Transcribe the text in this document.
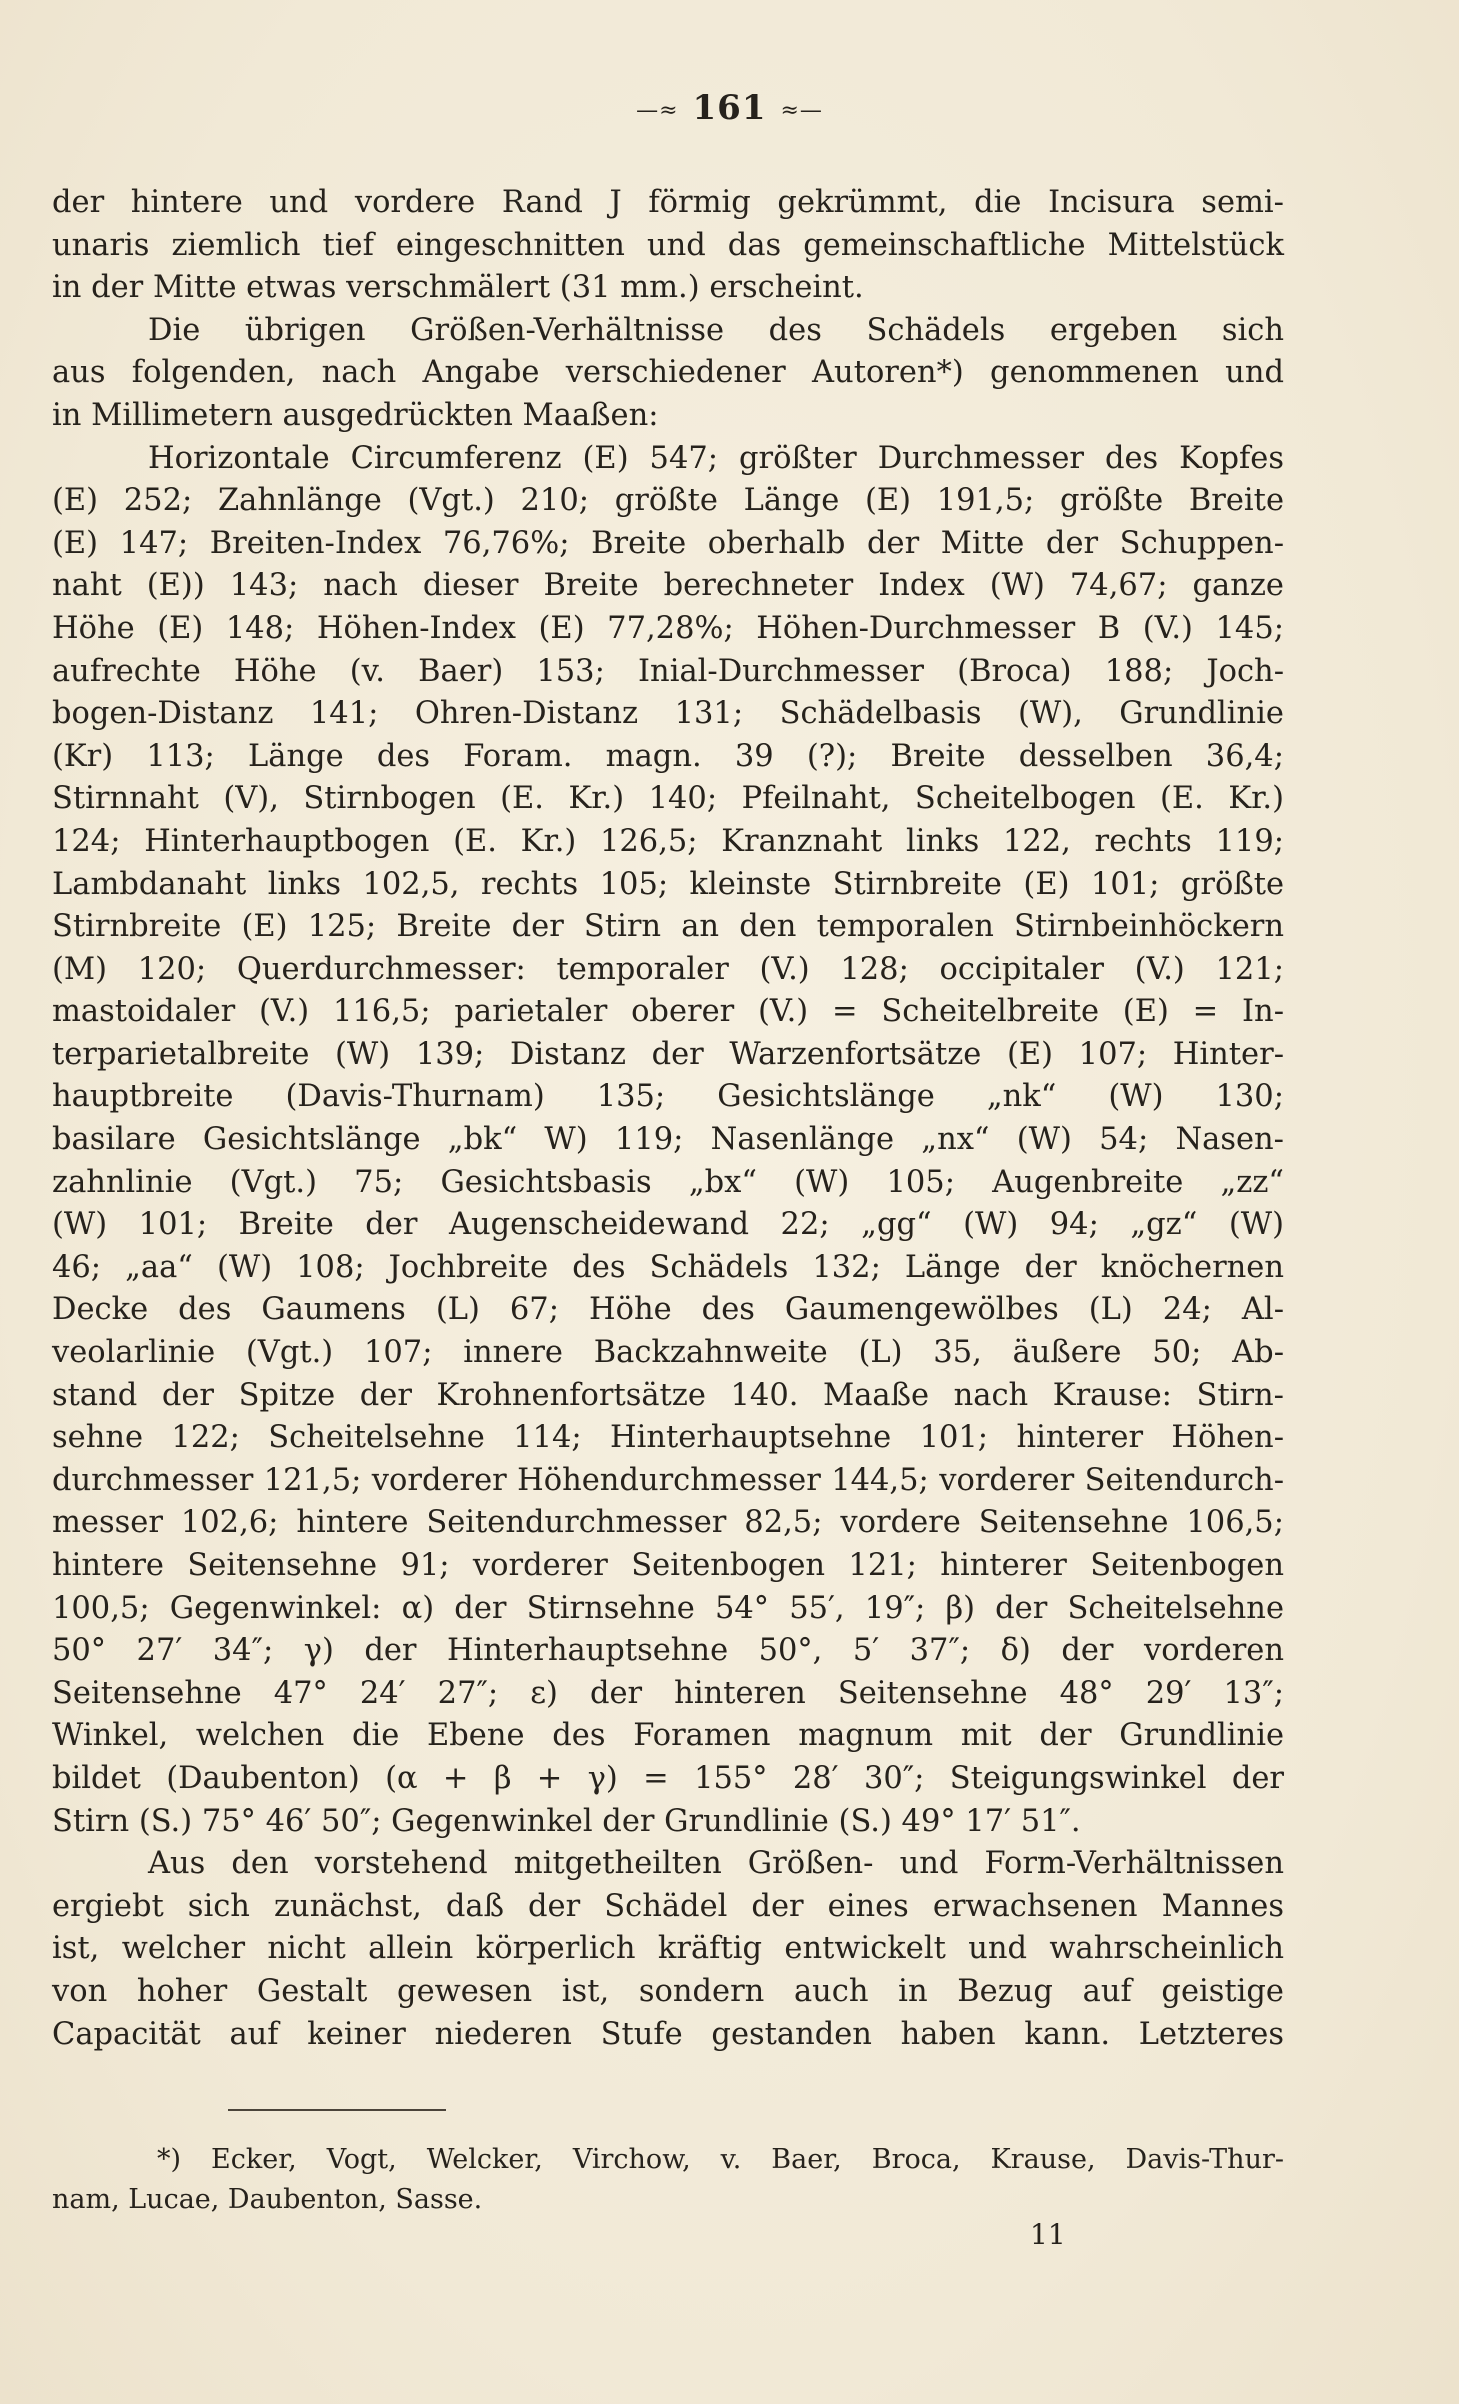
—≈ 161 ≈—
der hintere und vordere Rand J förmig gekrümmt, die Incisura semi-
unaris ziemlich tief eingeschnitten und das gemeinschaftliche Mittelstück
in der Mitte etwas verschmälert (31 mm.) erscheint.
Die übrigen Größen-Verhältnisse des Schädels ergeben sich
aus folgenden, nach Angabe verschiedener Autoren*) genommenen und
in Millimetern ausgedrückten Maaßen:
Horizontale Circumferenz (E) 547; größter Durchmesser des Kopfes
(E) 252; Zahnlänge (Vgt.) 210; größte Länge (E) 191,5; größte Breite
(E) 147; Breiten-Index 76,76%; Breite oberhalb der Mitte der Schuppen-
naht (E)) 143; nach dieser Breite berechneter Index (W) 74,67; ganze
Höhe (E) 148; Höhen-Index (E) 77,28%; Höhen-Durchmesser B (V.) 145;
aufrechte Höhe (v. Baer) 153; Inial-Durchmesser (Broca) 188; Joch-
bogen-Distanz 141; Ohren-Distanz 131; Schädelbasis (W), Grundlinie
(Kr) 113; Länge des Foram. magn. 39 (?); Breite desselben 36,4;
Stirnnaht (V), Stirnbogen (E. Kr.) 140; Pfeilnaht, Scheitelbogen (E. Kr.)
124; Hinterhauptbogen (E. Kr.) 126,5; Kranznaht links 122, rechts 119;
Lambdanaht links 102,5, rechts 105; kleinste Stirnbreite (E) 101; größte
Stirnbreite (E) 125; Breite der Stirn an den temporalen Stirnbeinhöckern
(M) 120; Querdurchmesser: temporaler (V.) 128; occipitaler (V.) 121;
mastoidaler (V.) 116,5; parietaler oberer (V.) = Scheitelbreite (E) = In-
terparietalbreite (W) 139; Distanz der Warzenfortsätze (E) 107; Hinter-
hauptbreite (Davis-Thurnam) 135; Gesichtslänge „nk“ (W) 130;
basilare Gesichtslänge „bk“ W) 119; Nasenlänge „nx“ (W) 54; Nasen-
zahnlinie (Vgt.) 75; Gesichtsbasis „bx“ (W) 105; Augenbreite „zz“
(W) 101; Breite der Augenscheidewand 22; „gg“ (W) 94; „gz“ (W)
46; „aa“ (W) 108; Jochbreite des Schädels 132; Länge der knöchernen
Decke des Gaumens (L) 67; Höhe des Gaumengewölbes (L) 24; Al-
veolarlinie (Vgt.) 107; innere Backzahnweite (L) 35, äußere 50; Ab-
stand der Spitze der Krohnenfortsätze 140. Maaße nach Krause: Stirn-
sehne 122; Scheitelsehne 114; Hinterhauptsehne 101; hinterer Höhen-
durchmesser 121,5; vorderer Höhendurchmesser 144,5; vorderer Seitendurch-
messer 102,6; hintere Seitendurchmesser 82,5; vordere Seitensehne 106,5;
hintere Seitensehne 91; vorderer Seitenbogen 121; hinterer Seitenbogen
100,5; Gegenwinkel: α) der Stirnsehne 54° 55′, 19″; β) der Scheitelsehne
50° 27′ 34″; γ) der Hinterhauptsehne 50°, 5′ 37″; δ) der vorderen
Seitensehne 47° 24′ 27″; ε) der hinteren Seitensehne 48° 29′ 13″;
Winkel, welchen die Ebene des Foramen magnum mit der Grundlinie
bildet (Daubenton) (α + β + γ) = 155° 28′ 30″; Steigungswinkel der
Stirn (S.) 75° 46′ 50″; Gegenwinkel der Grundlinie (S.) 49° 17′ 51″.
Aus den vorstehend mitgetheilten Größen- und Form-Verhältnissen
ergiebt sich zunächst, daß der Schädel der eines erwachsenen Mannes
ist, welcher nicht allein körperlich kräftig entwickelt und wahrscheinlich
von hoher Gestalt gewesen ist, sondern auch in Bezug auf geistige
Capacität auf keiner niederen Stufe gestanden haben kann. Letzteres
*) Ecker, Vogt, Welcker, Virchow, v. Baer, Broca, Krause, Davis-Thur-
nam, Lucae, Daubenton, Sasse.
11
